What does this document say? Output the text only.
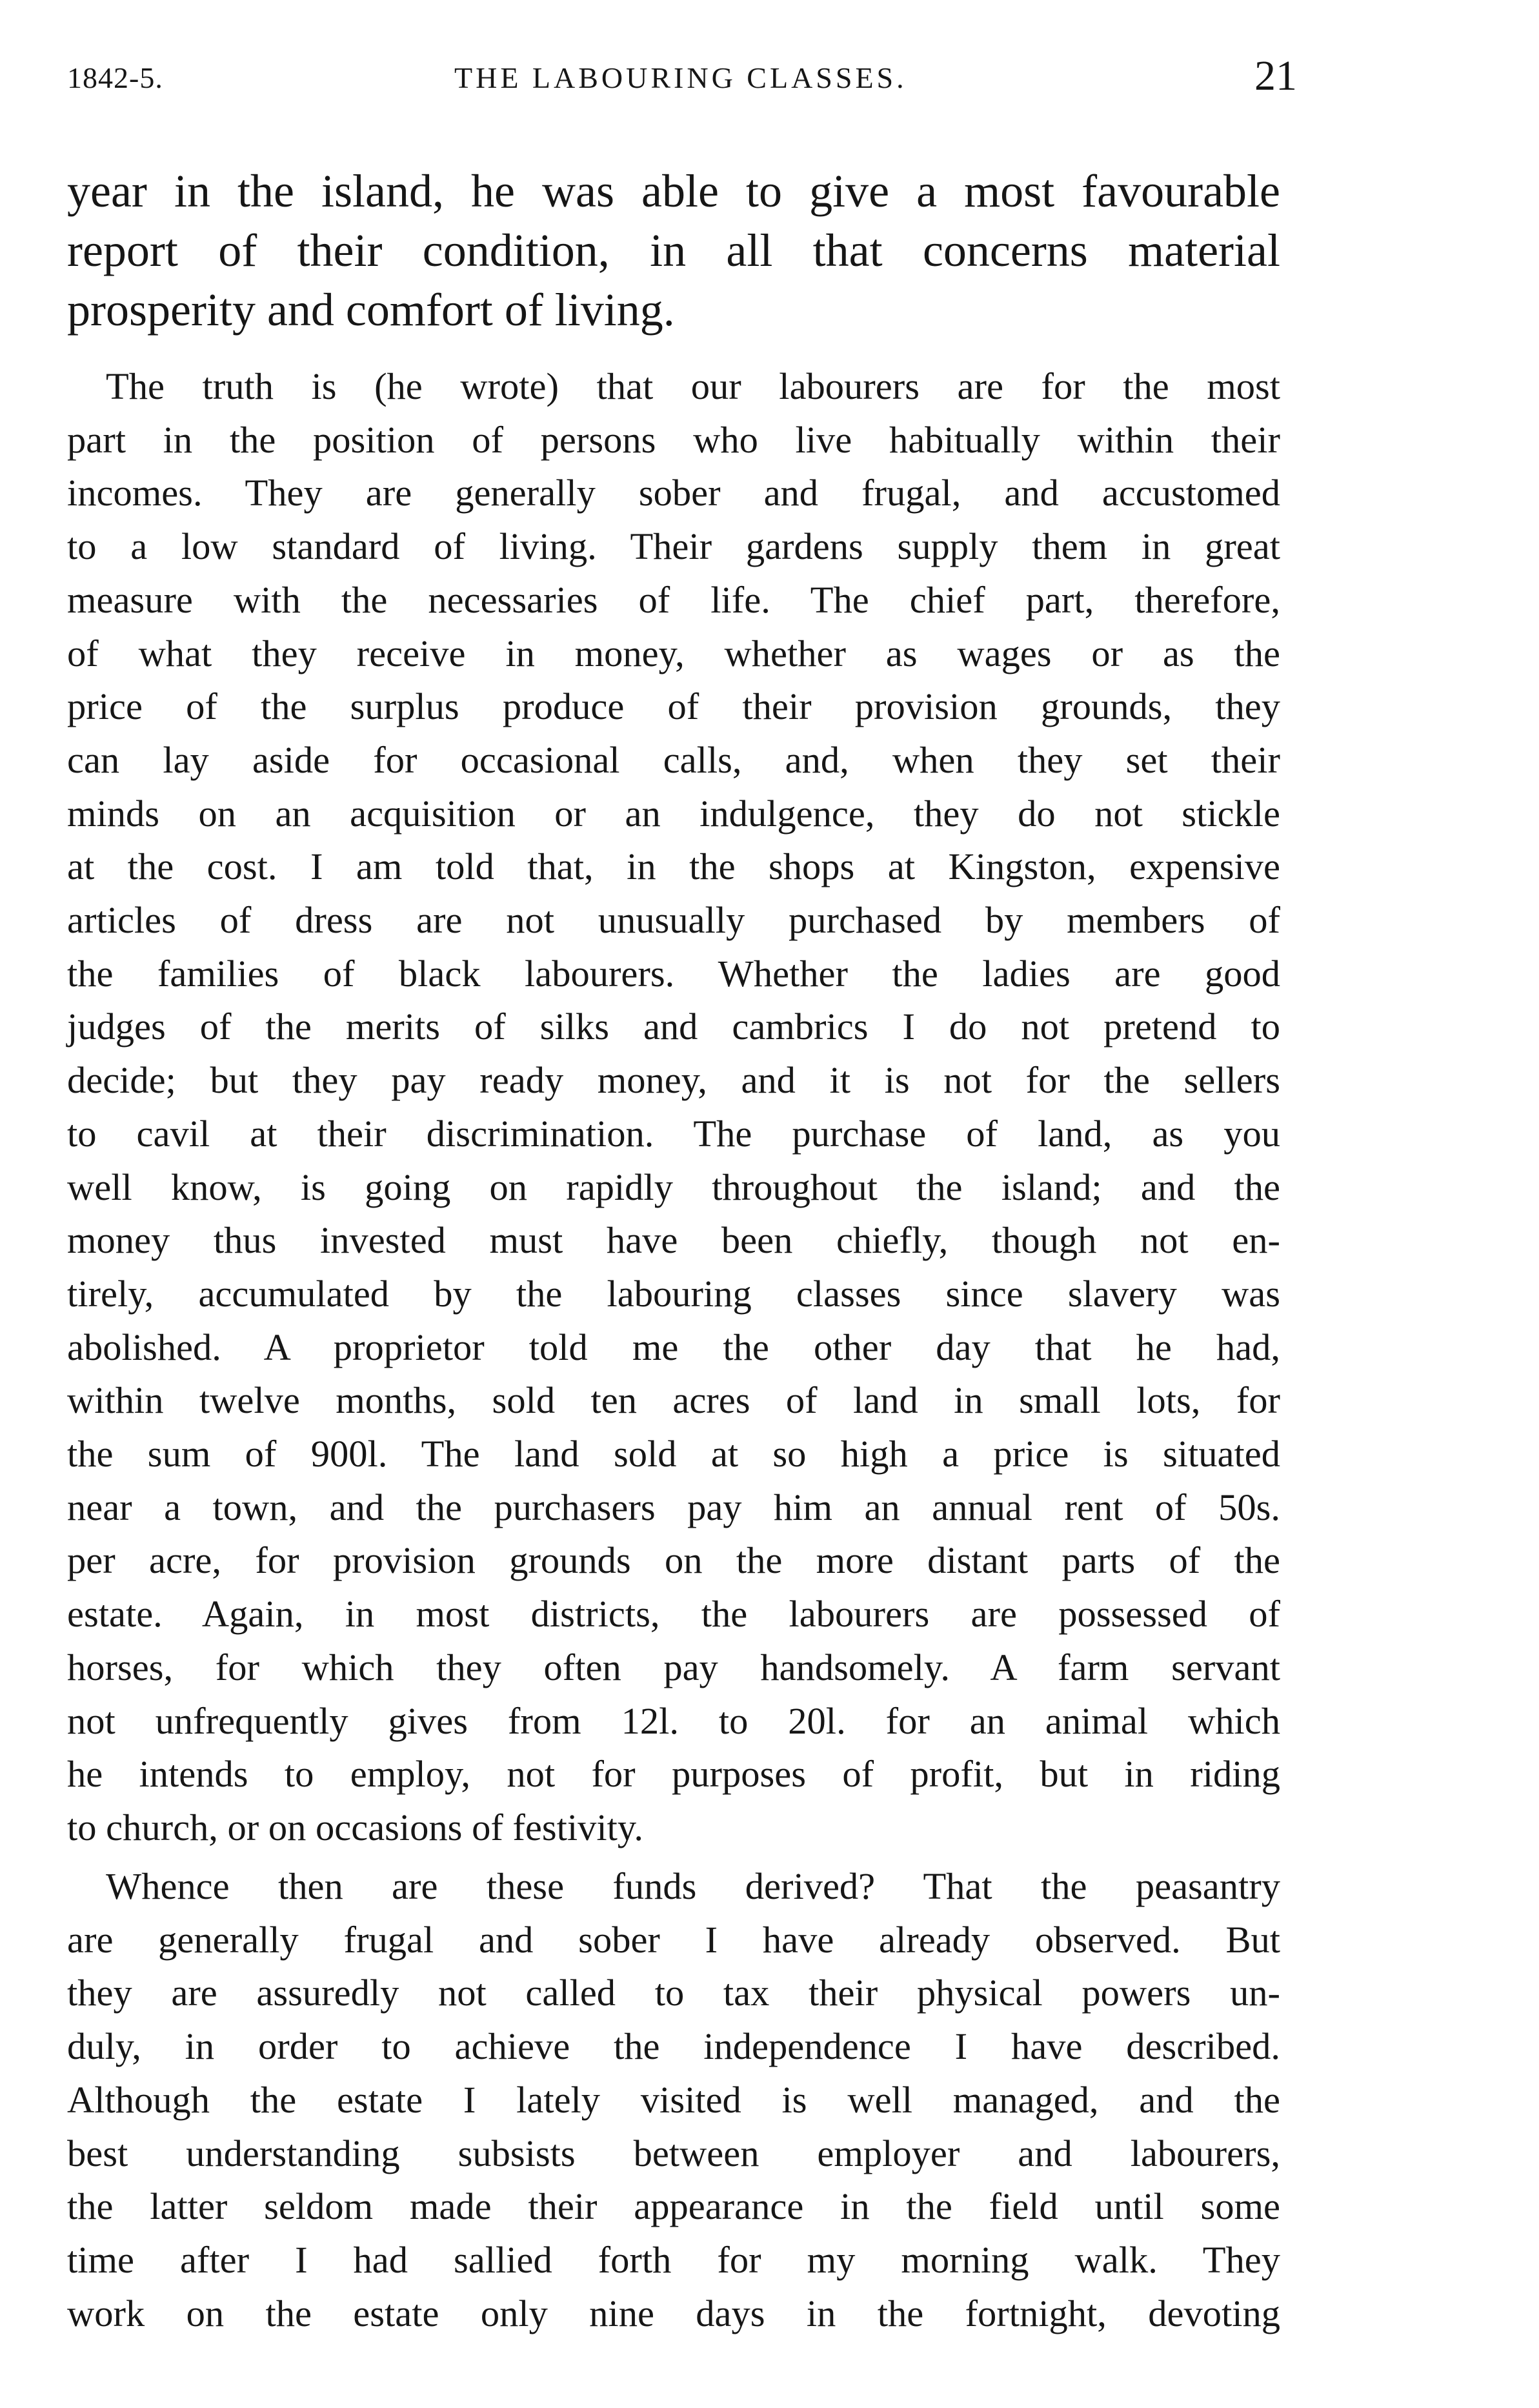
1842-5.	THE LABOURING CLASSES.	21
year in the island, he was able to give a most favourable
report of their condition, in all that concerns material
prosperity and comfort of living.
The truth is (he wrote) that our labourers are for the most
part in the position of persons who live habitually within their
incomes. They are generally sober and frugal, and accustomed
to a low standard of living. Their gardens supply them in great
measure with the necessaries of life. The chief part, therefore,
of what they receive in money, whether as wages or as the
price of the surplus produce of their provision grounds, they
can lay aside for occasional calls, and, when they set their
minds on an acquisition or an indulgence, they do not stickle
at the cost. I am told that, in the shops at Kingston, expensive
articles of dress are not unusually purchased by members of
the families of black labourers. Whether the ladies are good
judges of the merits of silks and cambrics I do not pretend to
decide; but they pay ready money, and it is not for the sellers
to cavil at their discrimination. The purchase of land, as you
well know, is going on rapidly throughout the island; and the
money thus invested must have been chiefly, though not en-
tirely, accumulated by the labouring classes since slavery was
abolished. A proprietor told me the other day that he had,
within twelve months, sold ten acres of land in small lots, for
the sum of 900l. The land sold at so high a price is situated
near a town, and the purchasers pay him an annual rent of 50s.
per acre, for provision grounds on the more distant parts of the
estate. Again, in most districts, the labourers are possessed of
horses, for which they often pay handsomely. A farm servant
not unfrequently gives from 12l. to 20l. for an animal which
he intends to employ, not for purposes of profit, but in riding
to church, or on occasions of festivity.
Whence then are these funds derived? That the peasantry
are generally frugal and sober I have already observed. But
they are assuredly not called to tax their physical powers un-
duly, in order to achieve the independence I have described.
Although the estate I lately visited is well managed, and the
best understanding subsists between employer and labourers,
the latter seldom made their appearance in the field until some
time after I had sallied forth for my morning walk. They
work on the estate only nine days in the fortnight, devoting
